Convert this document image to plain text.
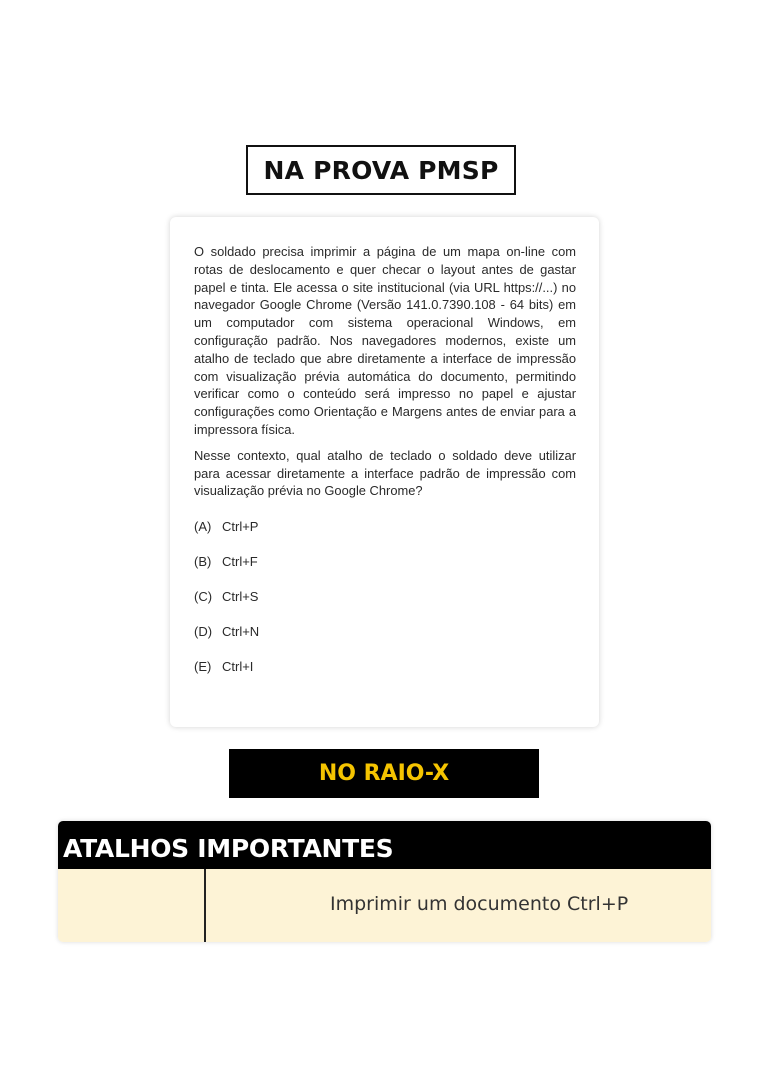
NA PROVA PMSP

O soldado precisa imprimir a página de um mapa on-line com rotas de deslocamento e quer checar o layout antes de gastar papel e tinta. Ele acessa o site institucional (via URL https://...) no navegador Google Chrome (Versão 141.0.7390.108 - 64 bits) em um computador com sistema operacional Windows, em configuração padrão. Nos navegadores modernos, existe um atalho de teclado que abre diretamente a interface de impressão com visualização prévia automática do documento, permitindo verificar como o conteúdo será impresso no papel e ajustar configurações como Orientação e Margens antes de enviar para a impressora física.

Nesse contexto, qual atalho de teclado o soldado deve utilizar para acessar diretamente a interface padrão de impressão com visualização prévia no Google Chrome?

(A) Ctrl+P
(B) Ctrl+F
(C) Ctrl+S
(D) Ctrl+N
(E) Ctrl+I
NO RAIO-X
ATALHOS IMPORTANTES
Imprimir um documento Ctrl+P
